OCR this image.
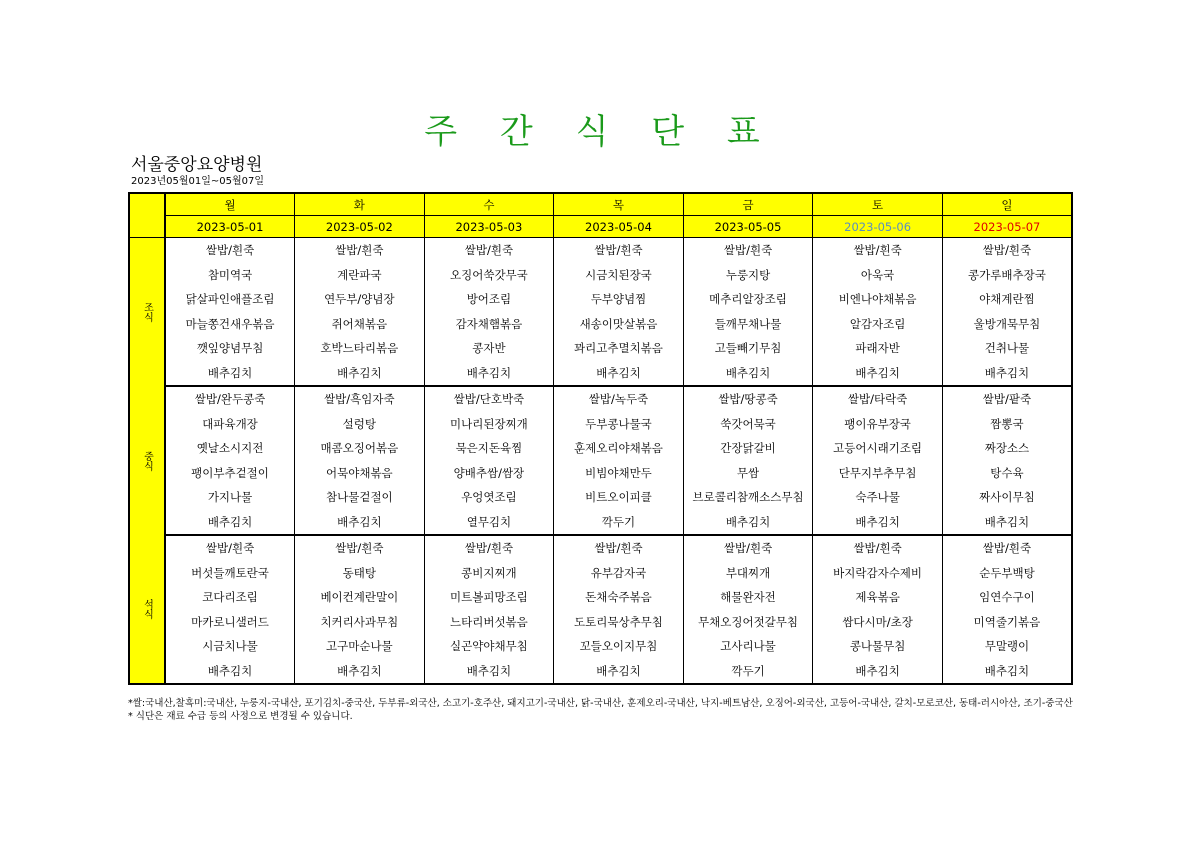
주 간 식 단 표
서울중앙요양병원
2023년05월01일~05월07일
	월	화	수	목	금	토	일
	2023-05-01	2023-05-02	2023-05-03	2023-05-04	2023-05-05	2023-05-06	2023-05-07
조식	쌀밥/흰죽	쌀밥/흰죽	쌀밥/흰죽	쌀밥/흰죽	쌀밥/흰죽	쌀밥/흰죽	쌀밥/흰죽
	참미역국	계란파국	오징어쑥갓무국	시금치된장국	누룽지탕	아욱국	콩가루배추장국
	닭살파인애플조림	연두부/양념장	방어조림	두부양념찜	메추리알장조림	비엔나야채볶음	야채계란찜
	마늘쫑건새우볶음	쥐어채볶음	감자채햄볶음	새송이맛살볶음	들깨무채나물	알감자조림	울방개묵무침
	깻잎양념무침	호박느타리볶음	콩자반	꽈리고추멸치볶음	고들빼기무침	파래자반	건취나물
	배추김치	배추김치	배추김치	배추김치	배추김치	배추김치	배추김치
중식	쌀밥/완두콩죽	쌀밥/흑임자죽	쌀밥/단호박죽	쌀밥/녹두죽	쌀밥/땅콩죽	쌀밥/타락죽	쌀밥/팥죽
	대파육개장	설렁탕	미나리된장찌개	두부콩나물국	쑥갓어묵국	팽이유부장국	짬뽕국
	옛날소시지전	매콤오징어볶음	묵은지돈육찜	훈제오리야채볶음	간장닭갈비	고등어시래기조림	짜장소스
	팽이부추겉절이	어묵야채볶음	양배추쌈/쌈장	비빔야채만두	무쌈	단무지부추무침	탕수육
	가지나물	참나물겉절이	우엉엿조림	비트오이피클	브로콜리참깨소스무침	숙주나물	짜사이무침
	배추김치	배추김치	열무김치	깍두기	배추김치	배추김치	배추김치
석식	쌀밥/흰죽	쌀밥/흰죽	쌀밥/흰죽	쌀밥/흰죽	쌀밥/흰죽	쌀밥/흰죽	쌀밥/흰죽
	버섯들깨토란국	동태탕	콩비지찌개	유부감자국	부대찌개	바지락감자수제비	순두부백탕
	코다리조림	베이컨계란말이	미트볼피망조림	돈채숙주볶음	해물완자전	제육볶음	임연수구이
	마카로니샐러드	치커리사과무침	느타리버섯볶음	도토리묵상추무침	무채오징어젓갈무침	쌈다시마/초장	미역줄기볶음
	시금치나물	고구마순나물	실곤약야채무침	꼬들오이지무침	고사리나물	콩나물무침	무말랭이
	배추김치	배추김치	배추김치	배추김치	깍두기	배추김치	배추김치
*쌀:국내산,찰흑미:국내산, 누룽지-국내산, 포기김치-중국산, 두부류-외국산, 소고기-호주산, 돼지고기-국내산, 닭-국내산, 훈제오리-국내산, 낙지-베트남산, 오징어-외국산, 고등어-국내산, 갈치-모로코산, 동태-러시아산, 조기-중국산
* 식단은 재료 수급 등의 사정으로 변경될 수 있습니다.
